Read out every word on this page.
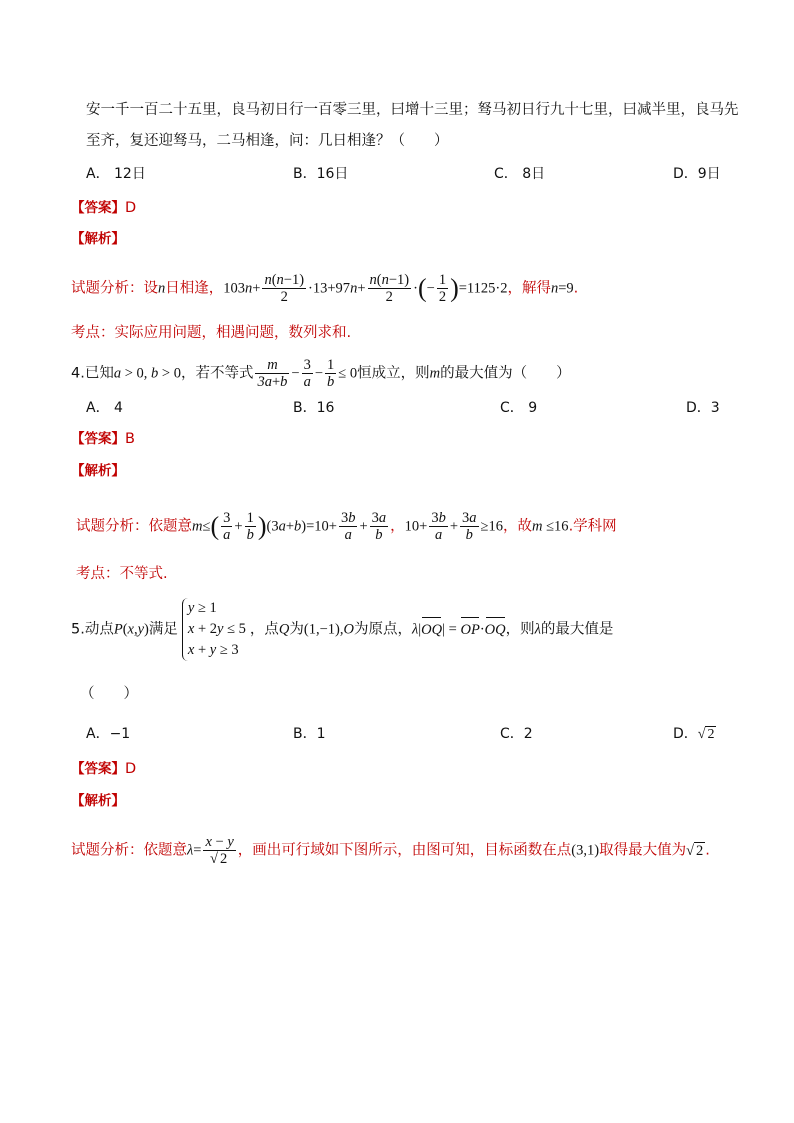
安一千一百二十五里，良马初日行一百零三里，曰增十三里；驽马初日行九十七里，曰减半里，良马先
至齐，复还迎驽马，二马相逢，问：几日相逢？（　　）
A． 12日	B．16日	C． 8日	D．9日
【答案】D
【解析】
试题分析：设n日相逢，$103n+ \frac{n(n-1)}{2} \cdot 13+97n+ \frac{n(n-1)}{2}$ ·(− $\frac{1}{2} )=1125\cdot 2$，解得n=9.
考点：实际应用问题，相遇问题，数列求和.
4.已知a > 0, b > 0，若不等式 $\frac{m}{3a+b} - \frac{3}{a} - \frac{1}{b} \le 0$恒成立，则m的最大值为（　　）
A． 4	B．16	C． 9	D．3
【答案】B
【解析】
试题分析：依题意$m\le( \frac{3}{a} + \frac{1}{b} )(3a+b)=10+ \frac{3b}{a} + \frac{3a}{b}$ ，$10+ \frac{3b}{a} + \frac{3a}{b} \ge 16$，故m ≤16.学科网
考点：不等式.
5.动点P(x,y)满足
y ≥ 1
x + 2y ≤ 5
x + y ≥ 3
，点Q为(1,−1),O为原点，λ|OQ| = OP·OQ，则λ的最大值是
（　　）
A．−1	B．1	C．2	D．√ 2
【答案】D
【解析】
试题分析：依题意$\lambda= \frac{x - y}{√ 2}$ ，画出可行域如下图所示，由图可知，目标函数在点(3,1)取得最大值为√ 2 .
